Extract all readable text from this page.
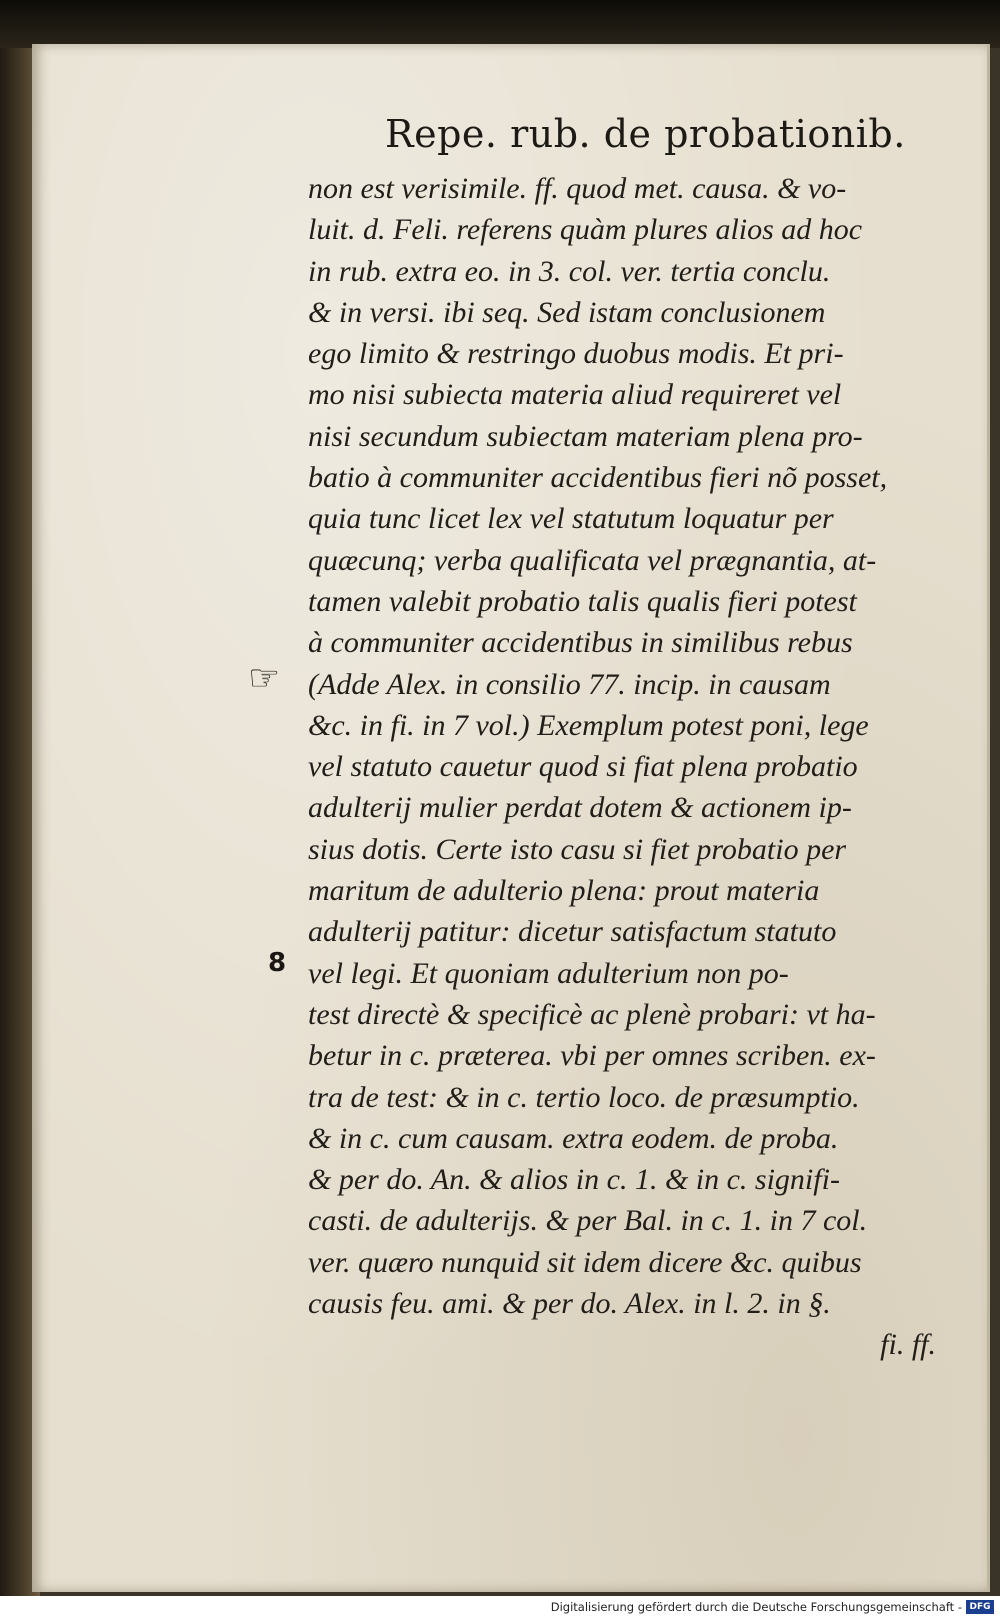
Repe. rub. de probationib.
☞
8
non est verisimile. ff. quod met. causa. & vo-
luit. d. Feli. referens quàm plures alios ad hoc
in rub. extra eo. in 3. col. ver. tertia conclu.
& in versi. ibi seq. Sed istam conclusionem
ego limito & restringo duobus modis. Et pri-
mo nisi subiecta materia aliud requireret vel
nisi secundum subiectam materiam plena pro-
batio à communiter accidentibus fieri nõ posset,
quia tunc licet lex vel statutum loquatur per
quæcunq; verba qualificata vel prægnantia, at-
tamen valebit probatio talis qualis fieri potest
à communiter accidentibus in similibus rebus
(Adde Alex. in consilio 77. incip. in causam
&c. in fi. in 7 vol.) Exemplum potest poni, lege
vel statuto cauetur quod si fiat plena probatio
adulterij mulier perdat dotem & actionem ip-
sius dotis. Certe isto casu si fiet probatio per
maritum de adulterio plena: prout materia
adulterij patitur: dicetur satisfactum statuto
vel legi. Et quoniam adulterium non po-
test directè & specificè ac plenè probari: vt ha-
betur in c. præterea. vbi per omnes scriben. ex-
tra de test: & in c. tertio loco. de præsumptio.
& in c. cum causam. extra eodem. de proba.
& per do. An. & alios in c. 1. & in c. signifi-
casti. de adulterijs. & per Bal. in c. 1. in 7 col.
ver. quæro nunquid sit idem dicere &c. quibus
causis feu. ami. & per do. Alex. in l. 2. in §.
fi. ff.
Digitalisierung gefördert durch die Deutsche Forschungsgemeinschaft - DFG
